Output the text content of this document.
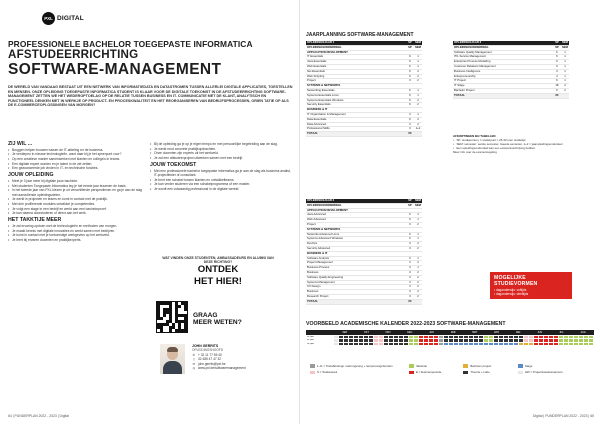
PXL DIGITAL
PROFESSIONELE BACHELOR TOEGEPASTE INFORMATICA
AFSTUDEERRICHTING
SOFTWARE-MANAGEMENT
DE WERELD VAN VANDAAG BESTAAT UIT EEN NETWERK VAN INFORMATIEDATA EN DATASTROMEN TUSSEN ALLERLEI DIGITALE APPLICATIES, TOESTELLEN EN MENSEN. ONZE OPLEIDING TOEGEPASTE INFORMATICA STUDENT IS KLAAR VOOR DE DIGITALE TOEKOMST IN DE AFSTUDEERRICHTING SOFTWARE-MANAGEMENT ZETTEN WE HET WEDEROPTOELAG OP DE RELATIE TUSSEN BUSINESS EN IT. COMMUNICATIE MET DE KLANT, ANALYTISCH EN FUNCTIONEEL DENKEN MET IN WERKJE OP PRODUCT- EN PROCESKWALITEIT EN HET REORGANISEREN VAN BEDRIJFSPROCESSEN, ORIEN TATIE OP ALS DE E-COMMERCEOPLOSSINGEN VAN MORGEN?
ZIJ WIL ...
• Bruggen helpen bouwen tussen de IT-afdeling en de business.
• Je verdiepen in nieuwe technologieën, want daar bij je het speerpunt voor?
• Op een creatieve manier samenwerken met klanten en collega's in teams.
• Een digitale expert worden en je talent in de zet zetten.
• Een geavanceerde job vinden in IT- en technische functies.
JOUW OPLEIDING
• Meet je 3 jaar meer bij digitale jouw bachelor.
• Met studenten Toegepaste Informatica leg je het eerste jaar tezamen de basis.
• In het tweede jaar van PXL kiezen je uit verschillende perspectieven en ga je aan de slag met aanvullende opleidingsdelen.
• Je werkt in projecten en teams en komt in contact met de praktijk.
• Met drie profilerende modules ontwikkel je competenties.
• Je volgt een stage in een bedrijf en werkt aan een bachelorproef.
• Je kan daarna doorstuderen of direct aan het werk.
HET TAKKTIJE MEER
• Je zal ervaring opdoen met de technologieën en methoden van morgen.
• Je maakt kennis met digitale innovaties en werkt samen met bedrijven.
• Je komt in contact met je toekomstige werkgevers op het werkveld.
• Je leert bij ervaren docenten en praktijkexperts.
• Bij de opleiding ga je op je eigen tempo en met persoonlijke begeleiding aan de slag.
• Je werkt rond concrete praktijkopdrachten.
• Onze docenten zijn experts uit het werkveld.
• Je zal een afstudeerproject uitwerken samen met een bedrijf.
JOUW TOEKOMST
• Met een professionele bachelor toegepaste informatica ga je aan de slag als business analist, IT-projectleider of consultant.
• Je bent een schakel tussen klanten en ontwikkelteams.
• Je kan verder studeren via een schakelprogramma of een master.
• Je wordt een volwaardig professional in de digitale wereld.
WAT VINDEN ONZE STUDENTEN, AMBASSADEURS EN ALUMNI VAN DEZE RICHTING?
ONTDEK
HET HIER!
GRAAG
MEER WETEN?
JOHN GERRITS
OPLEIDINGSHOOFD
✆ + 32 11 77 55 40
▯ 32 485 47 47 32
✉ john.gerrits@pxl.be
◎ www.pxl.be/softwaremanagement
64 | PUNDERPLAN 2022 - 2023 | Digital
JAARPLANNING SOFTWARE-MANAGEMENT
OPLEIDINGSJAAR 1	SP	SEM
OPLEIDINGSONDERDEEL	SP	SEM
APPLICATION DEVELOPMENT		
IT Essentials	6	1
Java Essentials	6	1
Web Essentials	6	1
Net Essentials	6	2
Web Scripting	6	2
Project	3	2
SYSTEMS & NETWORKS		
Networking Essentials	6	1
Systems Essentials Linux	6	1
Systems Essentials Windows	6	2
Security Essentials	6	2
BUSINESS & IT		
IT Organization & Management	3	1
Data Essentials	6	2
Data Advanced	3	2
Professional Skills	3	1+2
TOTAAL	60	
OPLEIDINGSJAAR 3	SP	SEM
OPLEIDINGSONDERDEEL	SP	SEM
Software Quality Management	6	1
ITIL Service Management	6	1
Enterprise Process Modelling	6	1
Customer Relations Management	6	1
Business Intelligence	3	1
Entrepreneurship	3	1
IT Project	6	1
IT Stage	18	2
Bachelor Project	6	2
TOTAAL	60	
OPLEIDINGSJAAR 2	SP	SEM
OPLEIDINGSONDERDEEL	SP	SEM
APPLICATION DEVELOPMENT		
Java Advanced	6	1
Web Advanced	6	1
Project	3	2
SYSTEMS & NETWORKS		
Networks Advanced Linux	6	1
Systems Advanced Windows	6	1
DevOps	3	2
Security Advanced	3	2
BUSINESS & IT		
Software Analysis	6	1
Project Management	3	2
Business Process	3	1
Business	3	2
Software Quality Engineering	3	2
Systems Management	3	2
UX Design	3	2
Business	3	2
Research Project	3	2
TOTAAL	60	
AFKORTINGEN BIJ TABELLEN
• SP: studiepunten, 1 studiepunt = 25-30 uren studietijd
• SEM: semester: eerste semester, tweede semester, 1+2 = jaaropleidingsonderdeel
• Een opleidingsonderdeel kan een exameninschrijving hebben
Meer info over de examenregeling
MOGELIJKE STUDIEVORMEN
• dagonderwijs: voltijds
• dagonderwijs: deeltijds
VOORBEELD ACADEMISCHE KALENDER 2022-2023 SOFTWARE-MANAGEMENT
SEP	OKT	NOV	DEC	JAN	FEB	MRT	APR	MEI	JUN	JUL	AUG
1e jaar
2e jaar
3e jaar
1-JL = Toets/Eindopp. leefomgeving + leerprocesgebonden	Vakantie	Bachelor project	Stage
S = Studieweek	E = Examenperiode	Theorie + Labo	HW = Projectsweek/examens
Digital | PUNDERPLAN 2022 - 2023 | 65
